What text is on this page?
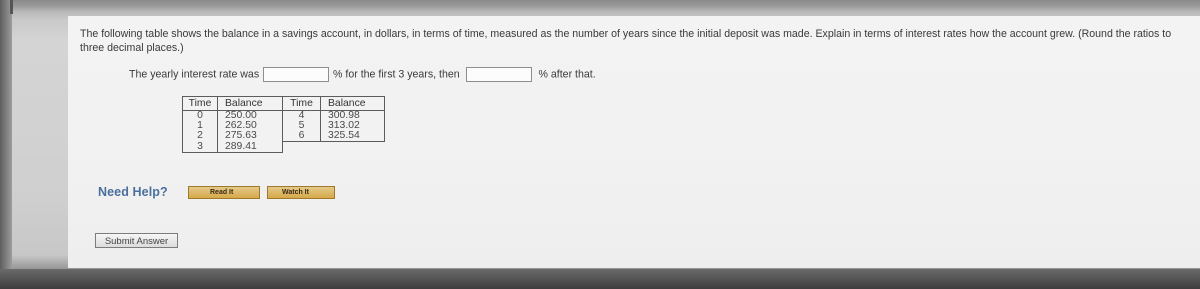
The following table shows the balance in a savings account, in dollars, in terms of time, measured as the number of years since the initial deposit was made. Explain in terms of interest rates how the account grew. (Round the ratios to three decimal places.)
The yearly interest rate was	% for the first 3 years, then	% after that.
Time	Balance	Time	Balance
0	250.00	4	300.98
1	262.50	5	313.02
2	275.63	6	325.54
3	289.41		
Need Help?	Read It	Watch It
Submit Answer
